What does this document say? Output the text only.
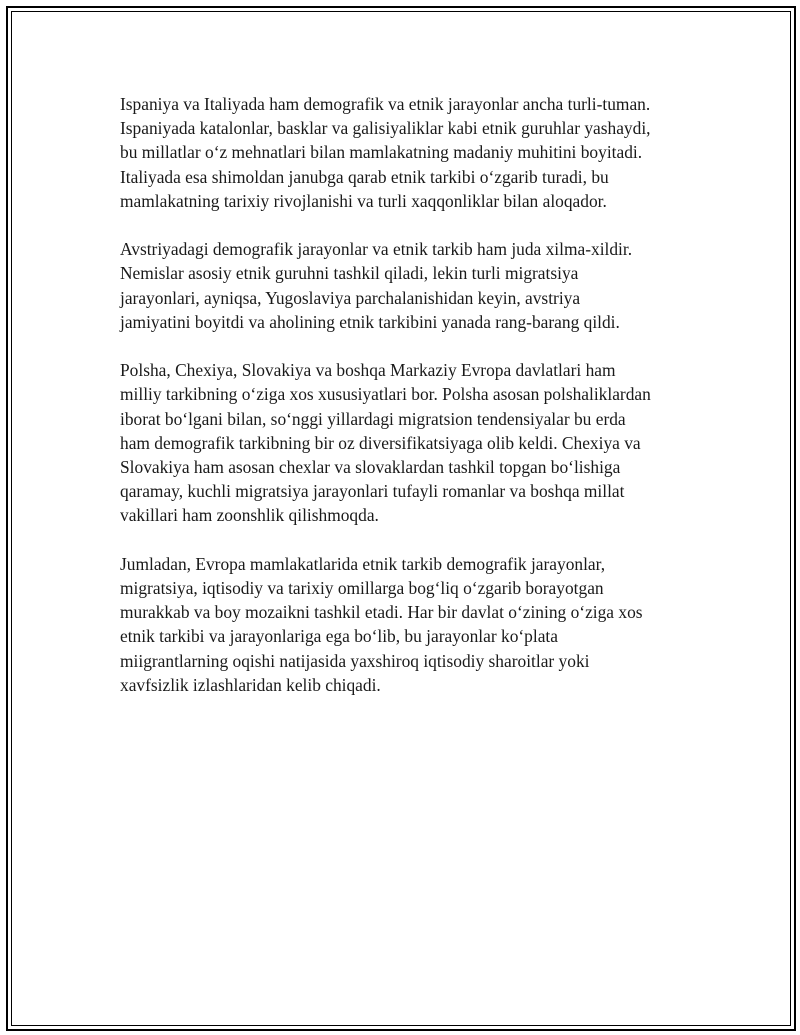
Ispaniya va Italiyada ham demografik va etnik jarayonlar ancha turli-tuman.
Ispaniyada katalonlar, basklar va galisiyaliklar kabi etnik guruhlar yashaydi,
bu millatlar o‘z mehnatlari bilan mamlakatning madaniy muhitini boyitadi.
Italiyada esa shimoldan janubga qarab etnik tarkibi o‘zgarib turadi, bu
mamlakatning tarixiy rivojlanishi va turli xaqqonliklar bilan aloqador.

Avstriyadagi demografik jarayonlar va etnik tarkib ham juda xilma-xildir.
Nemislar asosiy etnik guruhni tashkil qiladi, lekin turli migratsiya
jarayonlari, ayniqsa, Yugoslaviya parchalanishidan keyin, avstriya
jamiyatini boyitdi va aholining etnik tarkibini yanada rang-barang qildi.

Polsha, Chexiya, Slovakiya va boshqa Markaziy Evropa davlatlari ham
milliy tarkibning o‘ziga xos xususiyatlari bor. Polsha asosan polshaliklardan
iborat bo‘lgani bilan, so‘nggi yillardagi migratsion tendensiyalar bu erda
ham demografik tarkibning bir oz diversifikatsiyaga olib keldi. Chexiya va
Slovakiya ham asosan chexlar va slovaklardan tashkil topgan bo‘lishiga
qaramay, kuchli migratsiya jarayonlari tufayli romanlar va boshqa millat
vakillari ham zoonshlik qilishmoqda.

Jumladan, Evropa mamlakatlarida etnik tarkib demografik jarayonlar,
migratsiya, iqtisodiy va tarixiy omillarga bog‘liq o‘zgarib borayotgan
murakkab va boy mozaikni tashkil etadi. Har bir davlat o‘zining o‘ziga xos
etnik tarkibi va jarayonlariga ega bo‘lib, bu jarayonlar ko‘plata
miigrantlarning oqishi natijasida yaxshiroq iqtisodiy sharoitlar yoki
xavfsizlik izlashlaridan kelib chiqadi.
